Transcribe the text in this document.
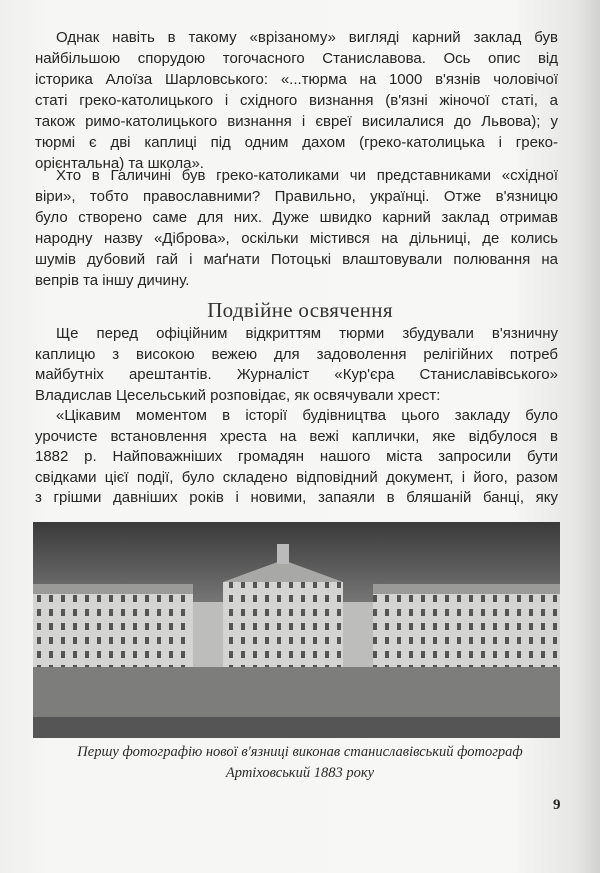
Однак навіть в такому «врізаному» вигляді карний заклад був
найбільшою спорудою тогочасного Станиславова. Ось опис від
історика Алоїза Шарловського: «...тюрма на 1000 в'язнів чоловічої
статі греко-католицького і східного визнання (в'язні жіночої статі, а
також римо-католицького визнання і євреї висилалися до Львова); у
тюрмі є дві каплиці під одним дахом (греко-католицька і греко-
орієнтальна) та школа».
Хто в Галичині був греко-католиками чи представниками «східної
віри», тобто православними? Правильно, українці. Отже в'язницю
було створено саме для них. Дуже швидко карний заклад отримав
народну назву «Діброва», оскільки містився на дільниці, де колись
шумів дубовий гай і маґнати Потоцькі влаштовували полювання на
вепрів та іншу дичину.
Подвійне освячення
Ще перед офіційним відкриттям тюрми збудували в'язничну
каплицю з високою вежею для задоволення релігійних потреб
майбутніх арештантів. Журналіст «Кур'єра Станиславівського»
Владислав Цесельський розповідає, як освячували хрест:
«Цікавим моментом в історії будівництва цього закладу було
урочисте встановлення хреста на вежі каплички, яке відбулося в
1882 р. Найповажніших громадян нашого міста запросили бути
свідками цієї події, було складено відповідний документ, і його, разом
з грішми давніших років і новими, запаяли в бляшаній банці, яку
Першу фотографію нової в'язниці виконав станиславівський фотограф
Артіховський 1883 року
9
